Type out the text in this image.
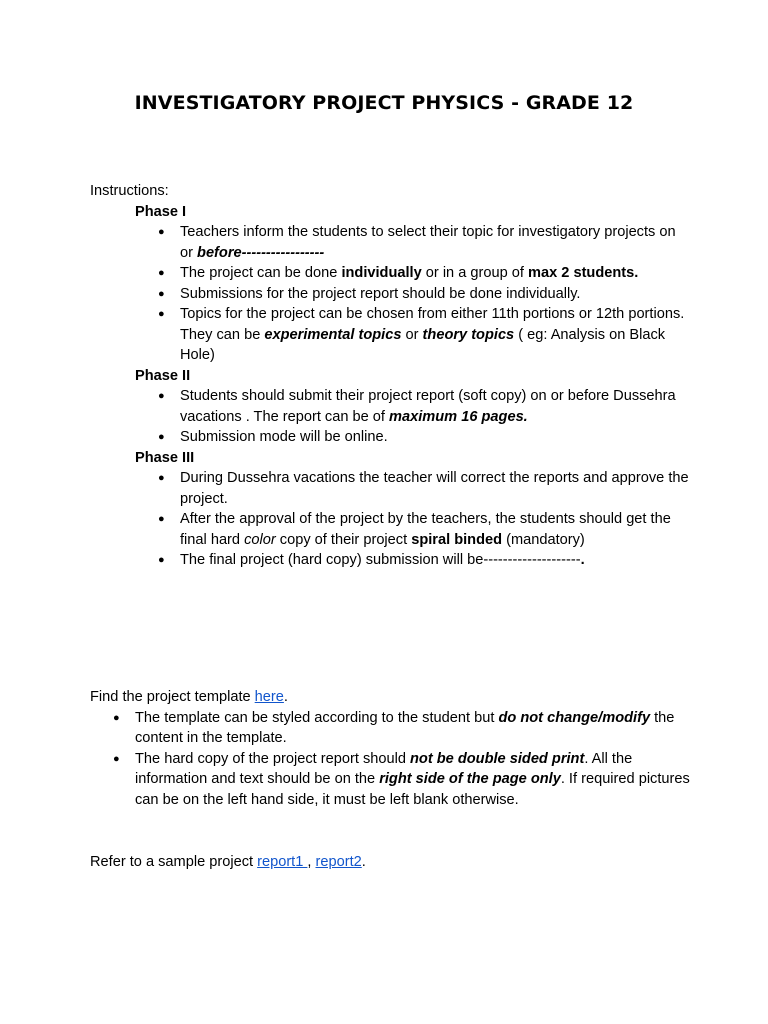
INVESTIGATORY PROJECT PHYSICS - GRADE 12
Instructions:
Phase I
● Teachers inform the students to select their topic for investigatory projects on or before-----------------
● The project can be done individually or in a group of max 2 students.
● Submissions for the project report should be done individually.
● Topics for the project can be chosen from either 11th portions or 12th portions. They can be experimental topics or theory topics ( eg: Analysis on Black Hole)
Phase II
● Students should submit their project report (soft copy) on or before Dussehra vacations . The report can be of maximum 16 pages.
● Submission mode will be online.
Phase III
● During Dussehra vacations the teacher will correct the reports and approve the project.
● After the approval of the project by the teachers, the students should get the final hard color copy of their project spiral binded (mandatory)
● The final project (hard copy) submission will be--------------------.
Find the project template here.
● The template can be styled according to the student but do not change/modify the content in the template.
● The hard copy of the project report should not be double sided print. All the information and text should be on the right side of the page only. If required pictures can be on the left hand side, it must be left blank otherwise.
Refer to a sample project report1 , report2.
